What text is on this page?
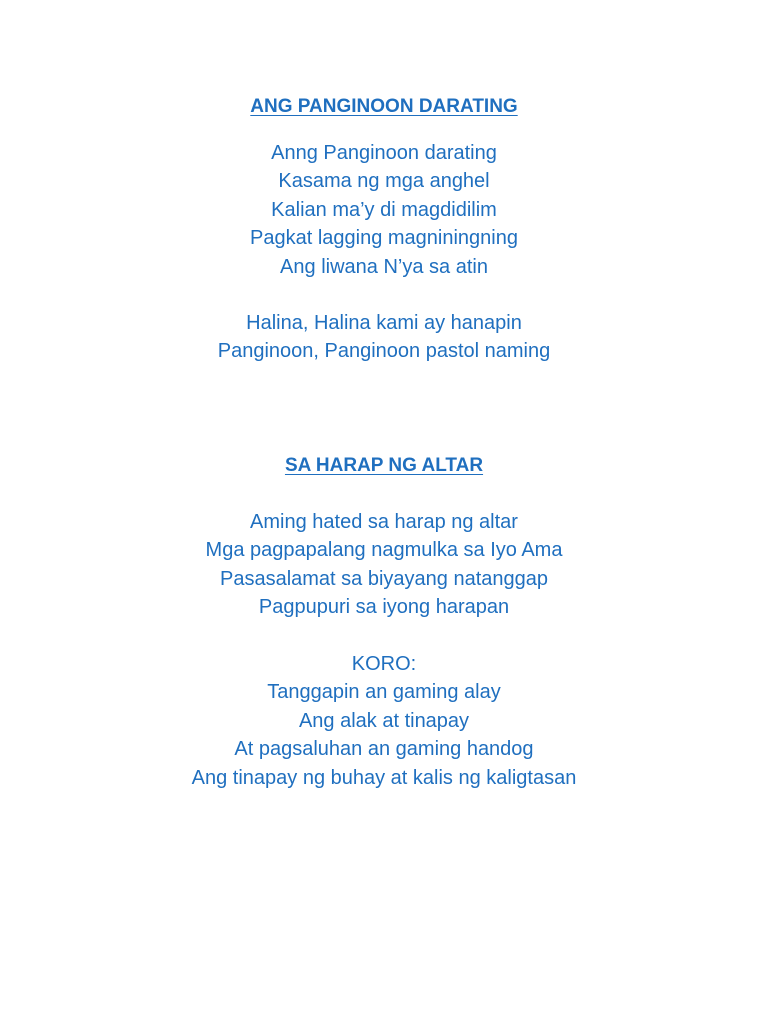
ANG PANGINOON DARATING
Anng Panginoon darating
Kasama ng mga anghel
Kalian ma’y di magdidilim
Pagkat lagging magniningning
Ang liwana N’ya sa atin
Halina, Halina kami ay hanapin
Panginoon, Panginoon pastol naming
SA HARAP NG ALTAR
Aming hated sa harap ng altar
Mga pagpapalang nagmulka sa Iyo Ama
Pasasalamat sa biyayang natanggap
Pagpupuri sa iyong harapan
KORO:
Tanggapin an gaming alay
Ang alak at tinapay
At pagsaluhan an gaming handog
Ang tinapay ng buhay at kalis ng kaligtasan
